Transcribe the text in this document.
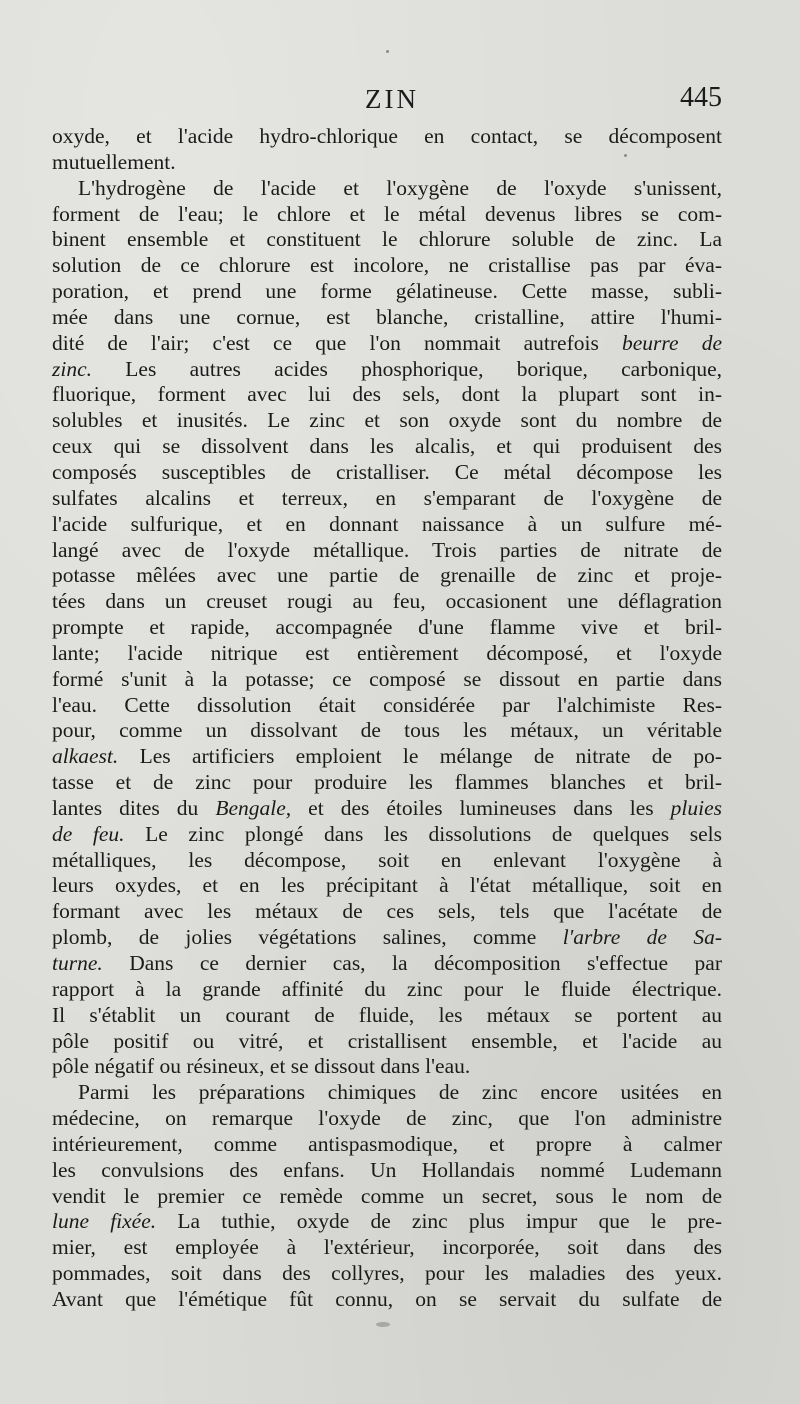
ZIN	445
oxyde, et l'acide hydro-chlorique en contact, se décomposent
mutuellement.
L'hydrogène de l'acide et l'oxygène de l'oxyde s'unissent,
forment de l'eau; le chlore et le métal devenus libres se com-
binent ensemble et constituent le chlorure soluble de zinc. La
solution de ce chlorure est incolore, ne cristallise pas par éva-
poration, et prend une forme gélatineuse. Cette masse, subli-
mée dans une cornue, est blanche, cristalline, attire l'humi-
dité de l'air; c'est ce que l'on nommait autrefois beurre de
zinc. Les autres acides phosphorique, borique, carbonique,
fluorique, forment avec lui des sels, dont la plupart sont in-
solubles et inusités. Le zinc et son oxyde sont du nombre de
ceux qui se dissolvent dans les alcalis, et qui produisent des
composés susceptibles de cristalliser. Ce métal décompose les
sulfates alcalins et terreux, en s'emparant de l'oxygène de
l'acide sulfurique, et en donnant naissance à un sulfure mé-
langé avec de l'oxyde métallique. Trois parties de nitrate de
potasse mêlées avec une partie de grenaille de zinc et proje-
tées dans un creuset rougi au feu, occasionent une déflagration
prompte et rapide, accompagnée d'une flamme vive et bril-
lante; l'acide nitrique est entièrement décomposé, et l'oxyde
formé s'unit à la potasse; ce composé se dissout en partie dans
l'eau. Cette dissolution était considérée par l'alchimiste Res-
pour, comme un dissolvant de tous les métaux, un véritable
alkaest. Les artificiers emploient le mélange de nitrate de po-
tasse et de zinc pour produire les flammes blanches et bril-
lantes dites du Bengale, et des étoiles lumineuses dans les pluies
de feu. Le zinc plongé dans les dissolutions de quelques sels
métalliques, les décompose, soit en enlevant l'oxygène à
leurs oxydes, et en les précipitant à l'état métallique, soit en
formant avec les métaux de ces sels, tels que l'acétate de
plomb, de jolies végétations salines, comme l'arbre de Sa-
turne. Dans ce dernier cas, la décomposition s'effectue par
rapport à la grande affinité du zinc pour le fluide électrique.
Il s'établit un courant de fluide, les métaux se portent au
pôle positif ou vitré, et cristallisent ensemble, et l'acide au
pôle négatif ou résineux, et se dissout dans l'eau.
Parmi les préparations chimiques de zinc encore usitées en
médecine, on remarque l'oxyde de zinc, que l'on administre
intérieurement, comme antispasmodique, et propre à calmer
les convulsions des enfans. Un Hollandais nommé Ludemann
vendit le premier ce remède comme un secret, sous le nom de
lune fixée. La tuthie, oxyde de zinc plus impur que le pre-
mier, est employée à l'extérieur, incorporée, soit dans des
pommades, soit dans des collyres, pour les maladies des yeux.
Avant que l'émétique fût connu, on se servait du sulfate de
